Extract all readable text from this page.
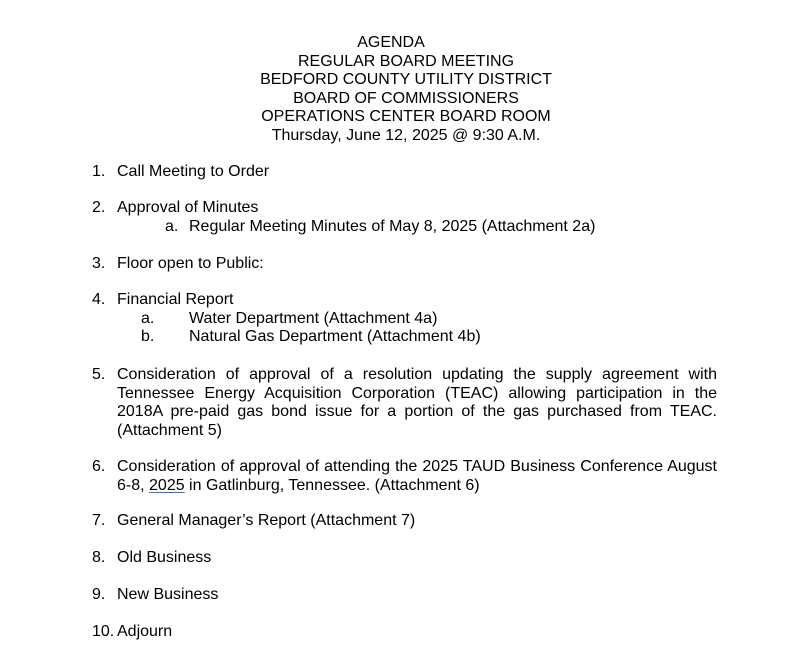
AGENDA
REGULAR BOARD MEETING
BEDFORD COUNTY UTILITY DISTRICT
BOARD OF COMMISSIONERS
OPERATIONS CENTER BOARD ROOM
Thursday, June 12, 2025 @ 9:30 A.M.
1. Call Meeting to Order
2. Approval of Minutes
a. Regular Meeting Minutes of May 8, 2025 (Attachment 2a)
3. Floor open to Public:
4. Financial Report
a. Water Department (Attachment 4a)
b. Natural Gas Department (Attachment 4b)
5. Consideration of approval of a resolution updating the supply agreement with Tennessee Energy Acquisition Corporation (TEAC) allowing participation in the 2018A pre-paid gas bond issue for a portion of the gas purchased from TEAC. (Attachment 5)
6. Consideration of approval of attending the 2025 TAUD Business Conference August 6-8, 2025 in Gatlinburg, Tennessee. (Attachment 6)
7. General Manager’s Report (Attachment 7)
8. Old Business
9. New Business
10. Adjourn
